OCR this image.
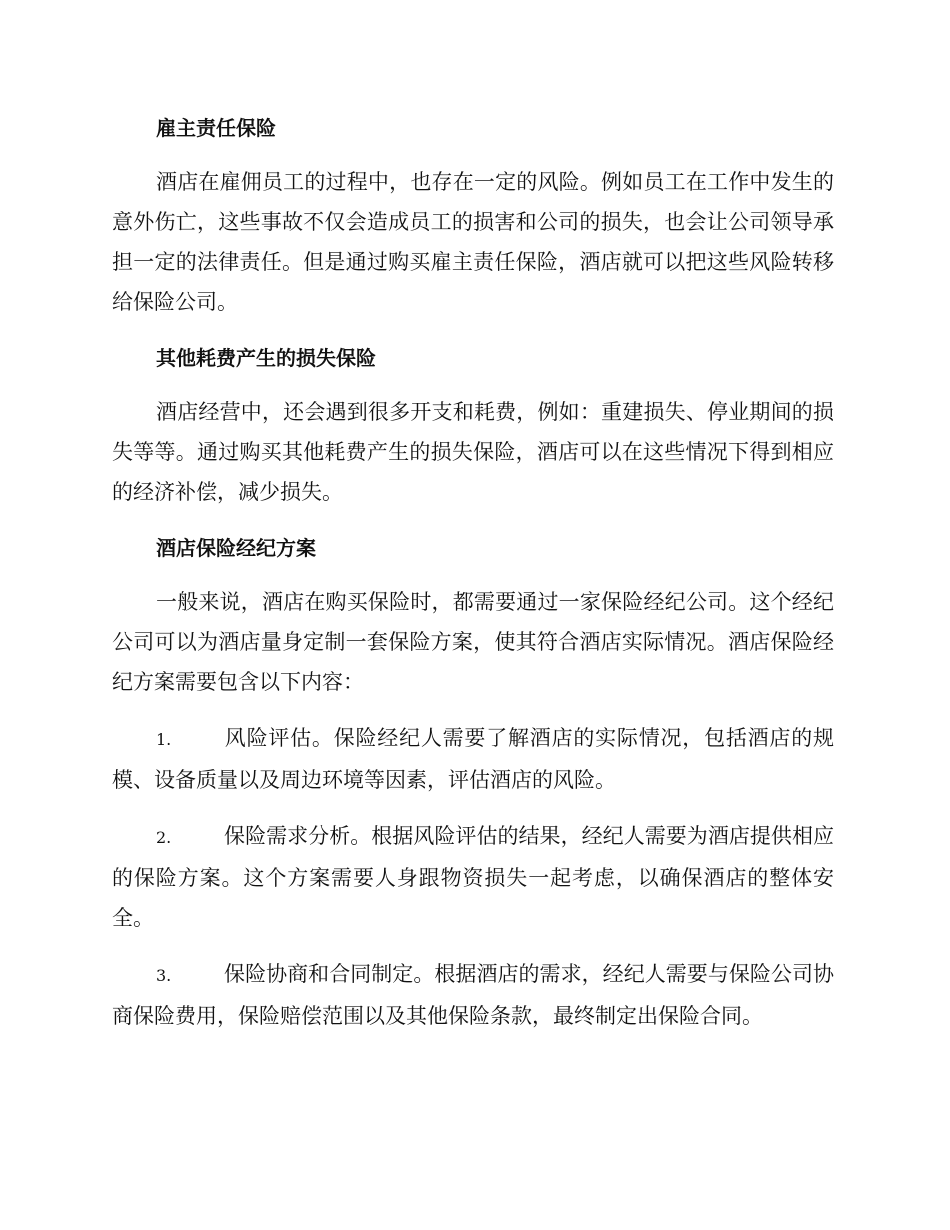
雇主责任保险

酒店在雇佣员工的过程中，也存在一定的风险。例如员工在工作中发生的意外伤亡，这些事故不仅会造成员工的损害和公司的损失，也会让公司领导承担一定的法律责任。但是通过购买雇主责任保险，酒店就可以把这些风险转移给保险公司。

其他耗费产生的损失保险

酒店经营中，还会遇到很多开支和耗费，例如：重建损失、停业期间的损失等等。通过购买其他耗费产生的损失保险，酒店可以在这些情况下得到相应的经济补偿，减少损失。

酒店保险经纪方案

一般来说，酒店在购买保险时，都需要通过一家保险经纪公司。这个经纪公司可以为酒店量身定制一套保险方案，使其符合酒店实际情况。酒店保险经纪方案需要包含以下内容：

1.	风险评估。保险经纪人需要了解酒店的实际情况，包括酒店的规模、设备质量以及周边环境等因素，评估酒店的风险。

2.	保险需求分析。根据风险评估的结果，经纪人需要为酒店提供相应的保险方案。这个方案需要人身跟物资损失一起考虑，以确保酒店的整体安全。

3.	保险协商和合同制定。根据酒店的需求，经纪人需要与保险公司协商保险费用，保险赔偿范围以及其他保险条款，最终制定出保险合同。
